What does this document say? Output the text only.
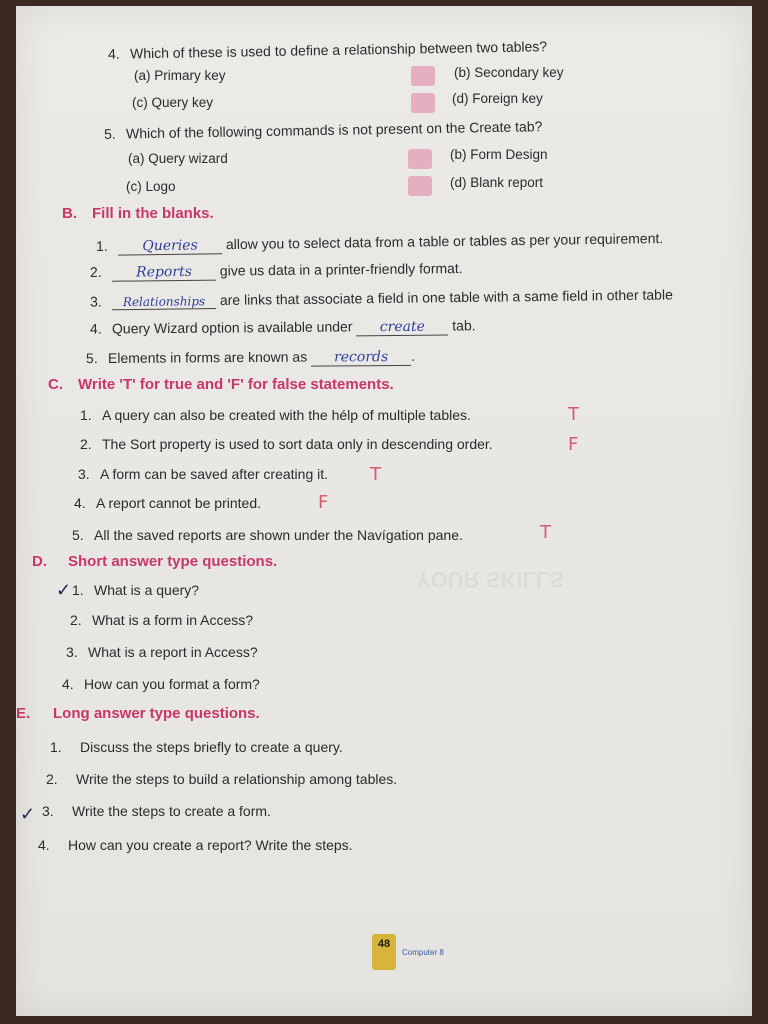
YOUR SKILLS
4. Which of these is used to define a relationship between two tables?
(a) Primary key	(b) Secondary key
(c) Query key	(d) Foreign key
5. Which of the following commands is not present on the Create tab?
(a) Query wizard	(b) Form Design
(c) Logo	(d) Blank report
B. Fill in the blanks.
1. Queries allow you to select data from a table or tables as per your requirement.
2. Reports give us data in a printer-friendly format.
3. Relationships are links that associate a field in one table with a same field in other table
4. Query Wizard option is available under create tab.
5. Elements in forms are known as records .
C. Write 'T' for true and 'F' for false statements.
1. A query can also be created with the hélp of multiple tables.	T
2. The Sort property is used to sort data only in descending order.	F
3. A form can be saved after creating it. T
4. A report cannot be printed.	F
5. All the saved reports are shown under the Navígation pane.	T
D. Short answer type questions.
✓ 1. What is a query?
2. What is a form in Access?
3. What is a report in Access?
4. How can you format a form?
E. Long answer type questions.
1. Discuss the steps briefly to create a query.
2. Write the steps to build a relationship among tables.
✓ 3. Write the steps to create a form.
4. How can you create a report? Write the steps.
48
Computer 8
